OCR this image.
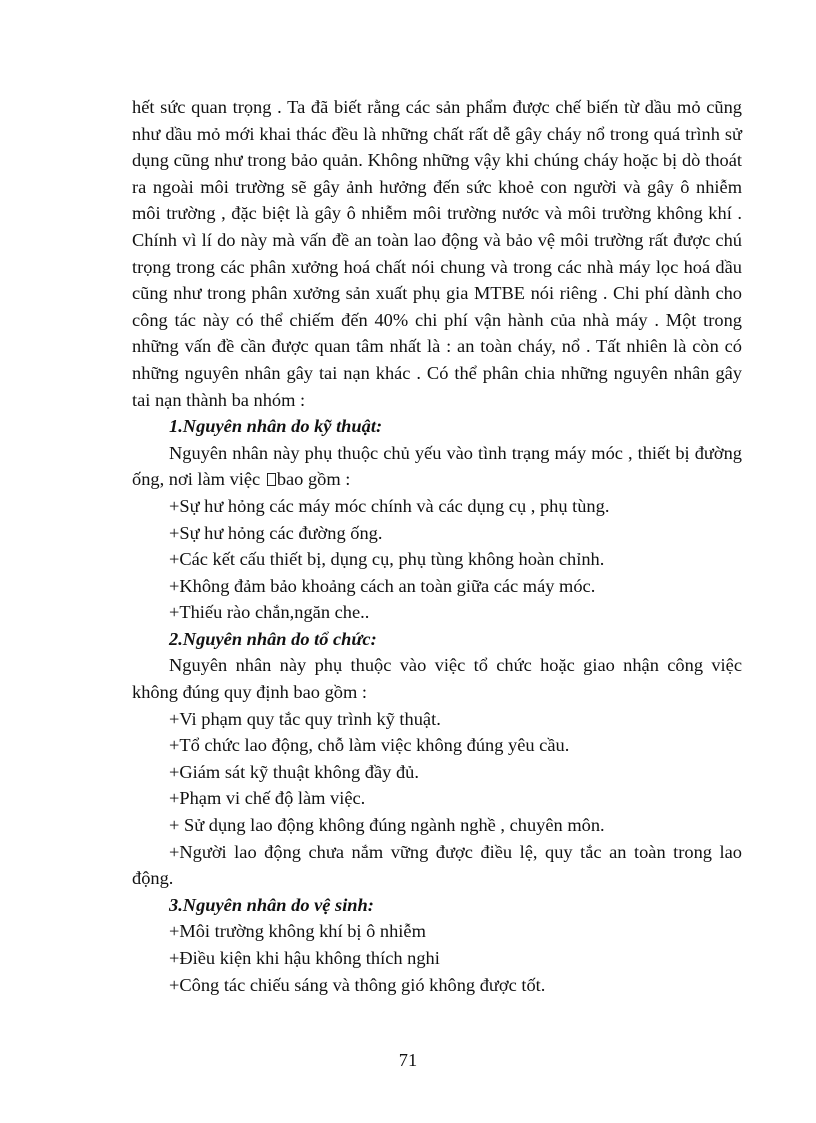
hết sức quan trọng . Ta đã biết rằng các sản phẩm được chế biến từ dầu mỏ cũng như dầu mỏ mới khai thác đều là những chất rất dễ gây cháy nổ trong quá trình sử dụng cũng như trong bảo quản. Không những vậy khi chúng cháy hoặc bị dò thoát ra ngoài môi trường sẽ gây ảnh hưởng đến sức khoẻ con người và gây ô nhiễm môi trường , đặc biệt là gây ô nhiễm môi trường nước và môi trường không khí . Chính vì lí do này mà vấn đề an toàn lao động và bảo vệ môi trường rất được chú trọng trong các phân xưởng hoá chất nói chung và trong các nhà máy lọc hoá dầu cũng như trong phân xưởng sản xuất phụ gia MTBE nói riêng . Chi phí dành cho công tác này có thể chiếm đến 40% chi phí vận hành của nhà máy . Một trong những vấn đề cần được quan tâm nhất là : an toàn cháy, nổ . Tất nhiên là còn có những nguyên nhân gây tai nạn khác . Có thể phân chia những nguyên nhân gây tai nạn thành ba nhóm :

1.Nguyên nhân do kỹ thuật:

Nguyên nhân này phụ thuộc chủ yếu vào tình trạng máy móc , thiết bị đường ống, nơi làm việc bao gồm :

+Sự hư hỏng các máy móc chính và các dụng cụ , phụ tùng.

+Sự hư hỏng các đường ống.

+Các kết cấu thiết bị, dụng cụ, phụ tùng không hoàn chỉnh.

+Không đảm bảo khoảng cách an toàn giữa các máy móc.

+Thiếu rào chắn,ngăn che..

2.Nguyên nhân do tổ chức:

Nguyên nhân này phụ thuộc vào việc tổ chức hoặc giao nhận công việc không đúng quy định bao gồm :

+Vi phạm quy tắc quy trình kỹ thuật.

+Tổ chức lao động, chỗ làm việc không đúng yêu cầu.

+Giám sát kỹ thuật không đầy đủ.

+Phạm vi chế độ làm việc.

+ Sử dụng lao động không đúng ngành nghề , chuyên môn.

+Người lao động chưa nắm vững được điều lệ, quy tắc an toàn trong lao động.

3.Nguyên nhân do vệ sinh:

+Môi trường không khí bị ô nhiễm

+Điều kiện khi hậu không thích nghi

+Công tác chiếu sáng và thông gió không được tốt.

71
